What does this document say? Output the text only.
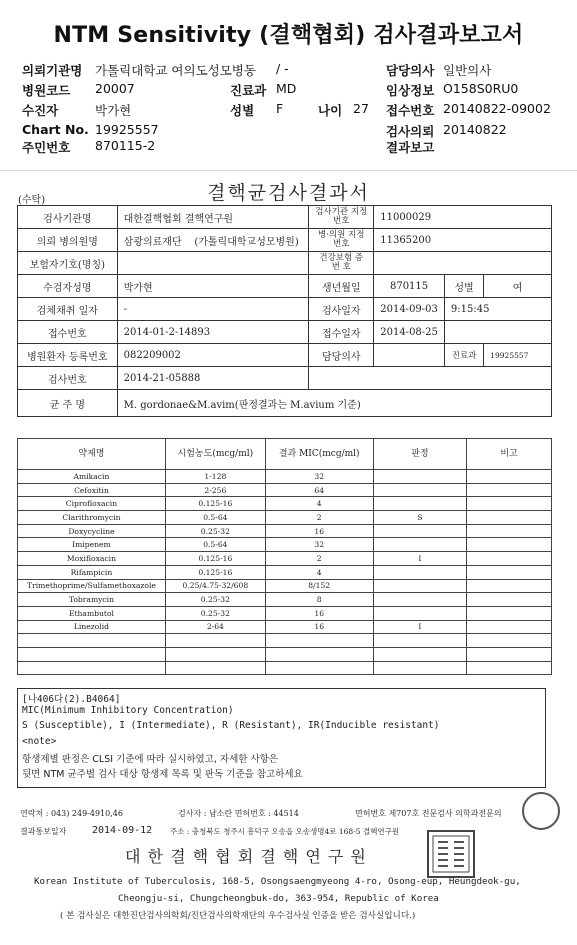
NTM Sensitivity (결핵협회) 검사결과보고서
의뢰기관명 가톨릭대학교 여의도성모병동 / -	담당의사 일반의사
병원코드 20007	진료과 MD	임상정보 O158S0RU0
수진자	박가현	성별 F	나이 27 접수번호 20140822-09002
Chart No. 19925557	검사의뢰 20140822
주민번호 870115-2	결과보고
(수탁)	결핵균검사결과서
검사기관명	대한결핵협회 결핵연구원	검사기관 지정번호	11000029		
의뢰 병의원명	삼광의료재단 (가톨릭대학교성모병원)	병·의원 지정번호	11365200		
보험자기호(명칭)		건강보험 증 번 호			
수검자성명	박가현	생년월일	870115	성별	여
검체채취 일자	-	검사일자	2014-09-03	9:15:45	
접수번호	2014-01-2-14893	접수일자	2014-08-25		
병원환자 등록번호	082209002	담당의사		진료과	19925557
검사번호	2014-21-05888				
균 주 명	M. gordonae&M.avim(판정결과는 M.avium 기준)				
약제명	시험농도(mcg/ml)	결과 MIC(mcg/ml)	판정	비고
Amikacin	1-128	32		
Cefoxitin	2-256	64		
Ciprofloxacin	0.125-16	4		
Clarithromycin	0.5-64	2	S	
Doxycycline	0.25-32	16		
Imipenem	0.5-64	32		
Moxifloxacin	0.125-16	2	I	
Rifampicin	0.125-16	4		
Trimethoprime/Sulfamethoxazole	0.25/4.75-32/608	8/152		
Tobramycin	0.25-32	8		
Ethambutol	0.25-32	16		
Linezolid	2-64	16	I	

[나406다(2).B4064]
MIC(Minimum Inhibitory Concentration)
S (Susceptible), I (Intermediate), R (Resistant), IR(Inducible resistant)
<note>
항생제별 판정은 CLSI 기준에 따라 실시하였고, 자세한 사항은
뒷면 NTM 균주별 검사 대상 항생제 목록 및 판독 기준을 참고하세요
연락처 : 043) 249-4910,46	검사자 : 남소란 면허번호 : 44514	면허번호 제707호 전문검사 의학과전문의
결과통보일자	2014-09-12 주소 : 충청북도 청주시 흥덕구 오송읍 오송생명4로 168-5 결핵연구원
대 한 결 핵 협 회 결 핵 연 구 원
Korean Institute of Tuberculosis, 168-5, Osongsaengmyeong 4-ro, Osong-eup, Heungdeok-gu,
Cheongju-si, Chungcheongbuk-do, 363-954, Republic of Korea
( 본 검사실은 대한진단검사의학회/진단검사의학재단의 우수검사실 인증을 받은 검사실입니다.)
